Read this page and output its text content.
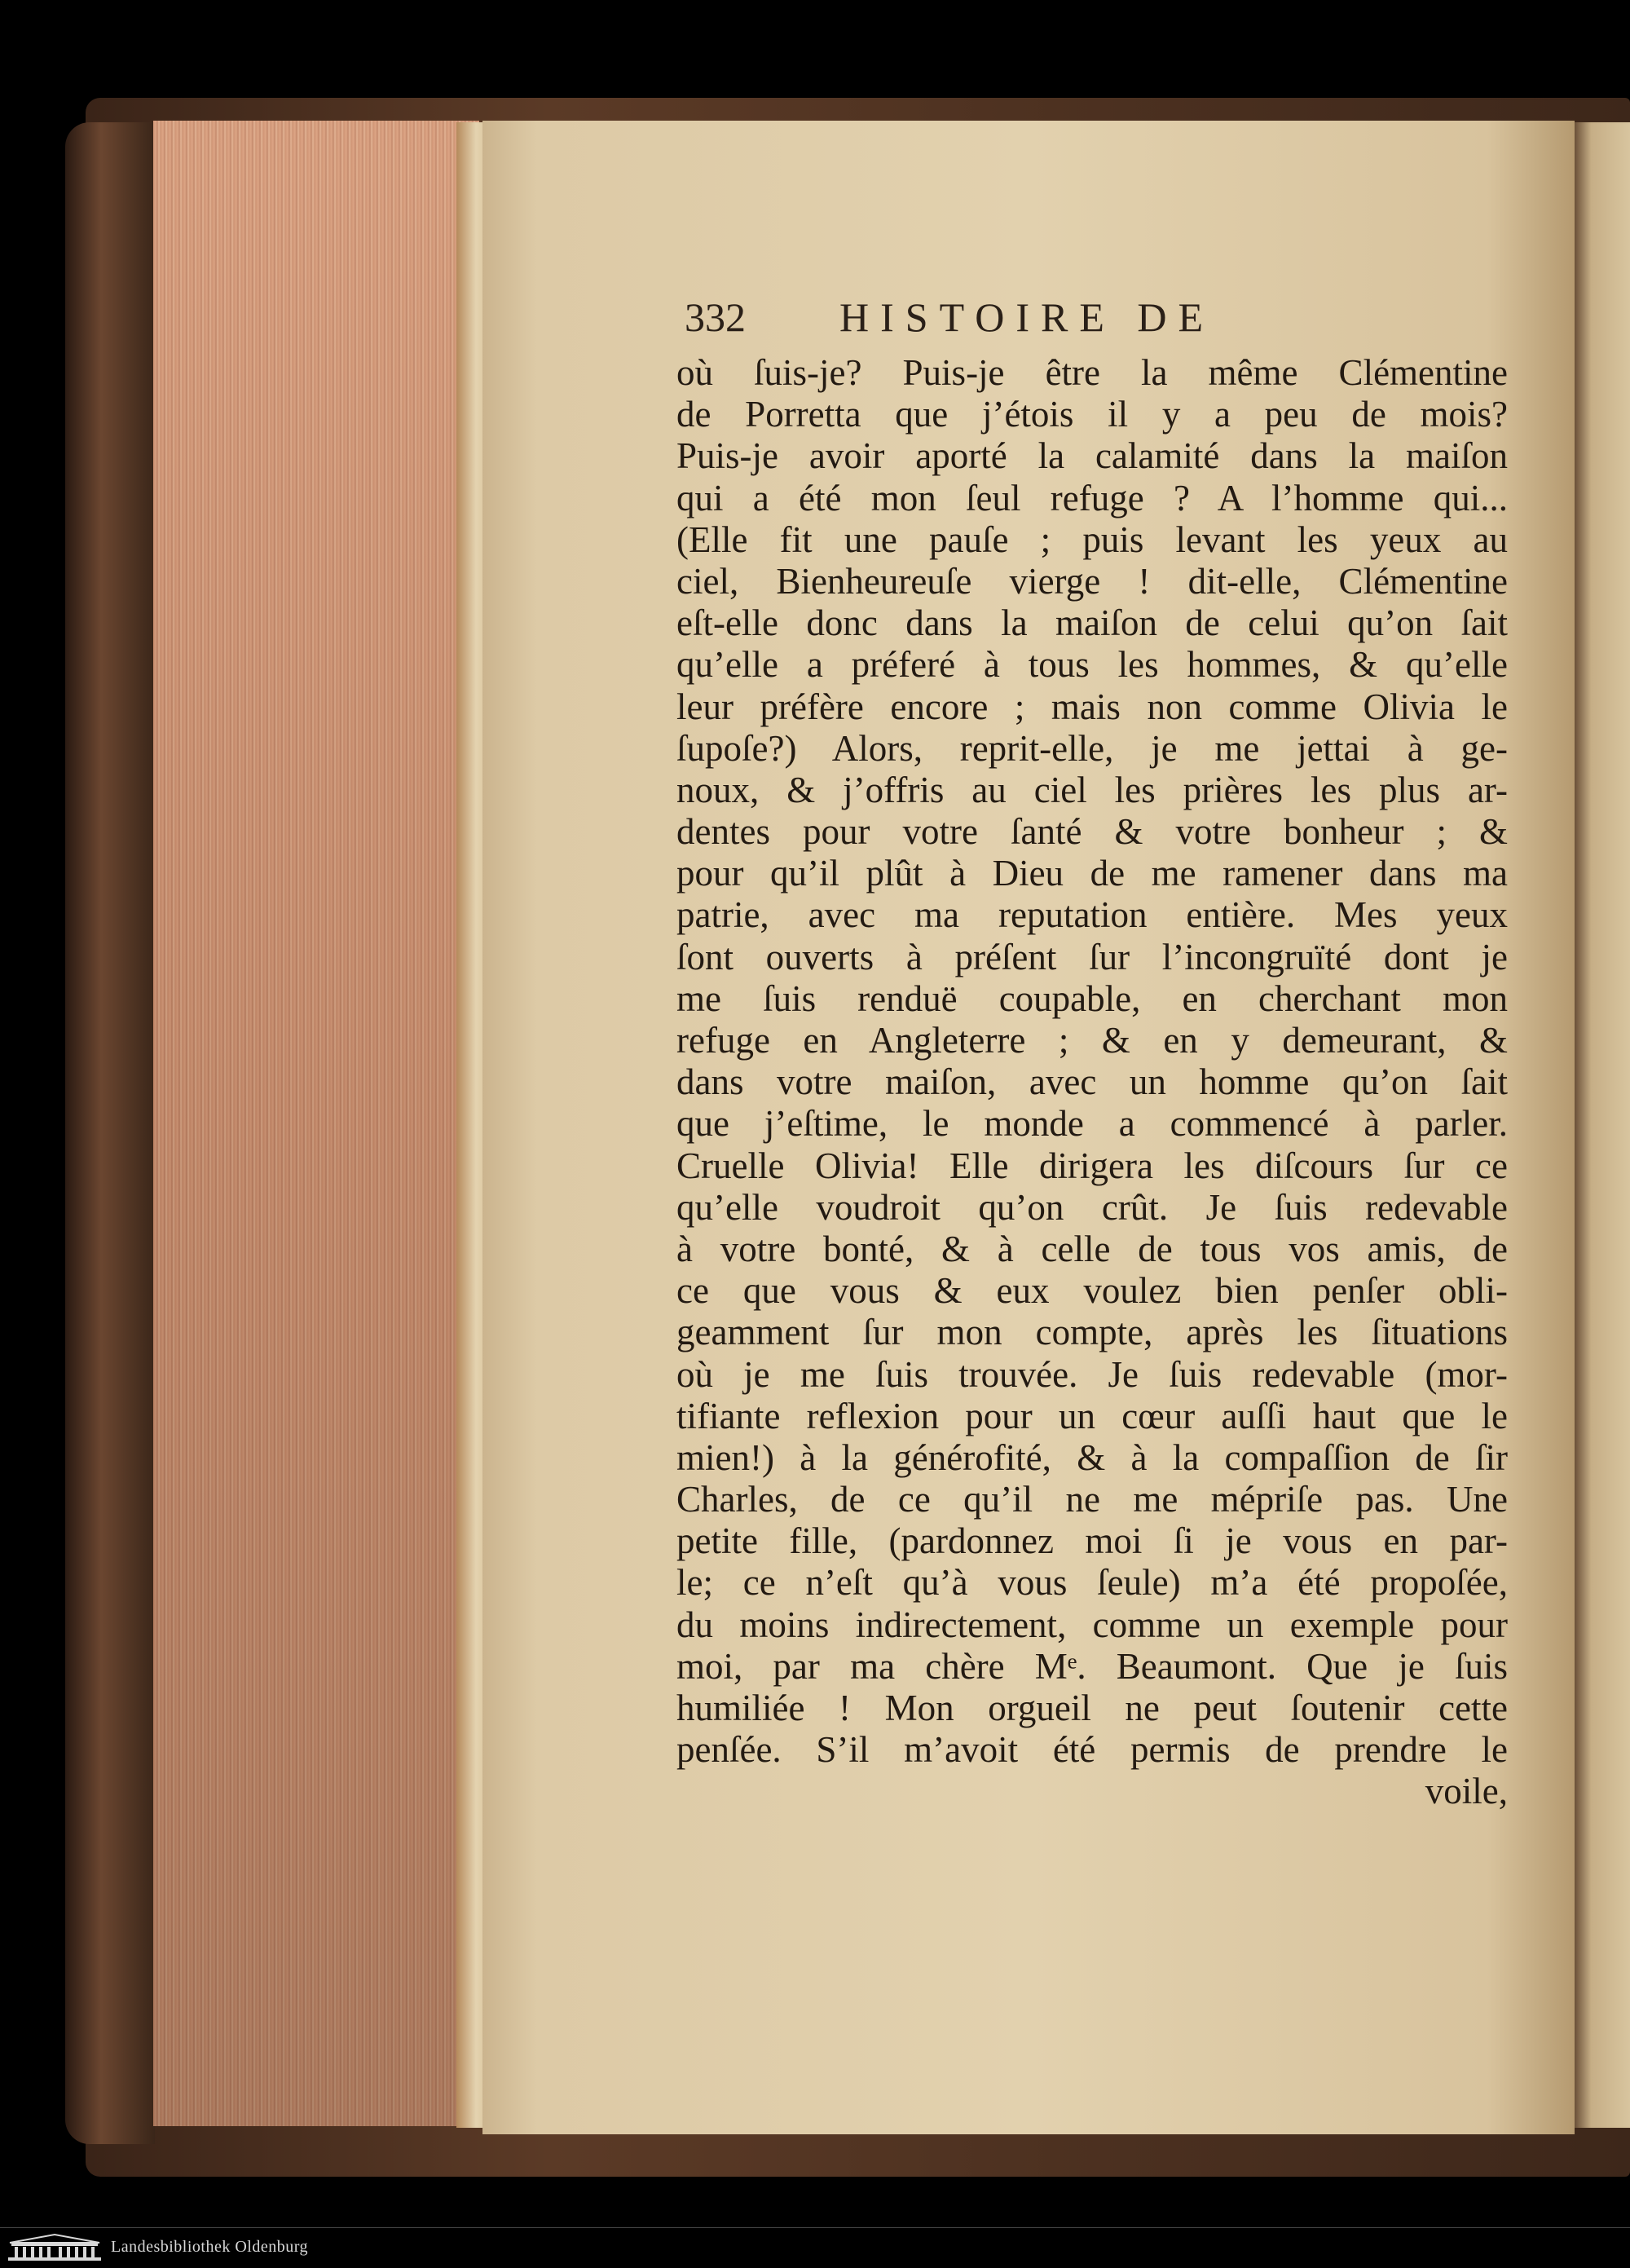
332 HISTOIRE DE
où ſuis-je? Puis-je être la même Clémentine
de Porretta que j’étois il y a peu de mois?
Puis-je avoir aporté la calamité dans la maiſon
qui a été mon ſeul refuge ? A l’homme qui...
(Elle fit une pauſe ; puis levant les yeux au
ciel, Bienheureuſe vierge ! dit-elle, Clémentine
eſt-elle donc dans la maiſon de celui qu’on ſait
qu’elle a préferé à tous les hommes, & qu’elle
leur préfère encore ; mais non comme Olivia le
ſupoſe?) Alors, reprit-elle, je me jettai à ge-
noux, & j’offris au ciel les prières les plus ar-
dentes pour votre ſanté & votre bonheur ; &
pour qu’il plût à Dieu de me ramener dans ma
patrie, avec ma reputation entière. Mes yeux
ſont ouverts à préſent ſur l’incongruïté dont je
me ſuis renduë coupable, en cherchant mon
refuge en Angleterre ; & en y demeurant, &
dans votre maiſon, avec un homme qu’on ſait
que j’eſtime, le monde a commencé à parler.
Cruelle Olivia! Elle dirigera les diſcours ſur ce
qu’elle voudroit qu’on crût. Je ſuis redevable
à votre bonté, & à celle de tous vos amis, de
ce que vous & eux voulez bien penſer obli-
geamment ſur mon compte, après les ſituations
où je me ſuis trouvée. Je ſuis redevable (mor-
tifiante reflexion pour un cœur auſſi haut que le
mien!) à la générofité, & à la compaſſion de ſir
Charles, de ce qu’il ne me mépriſe pas. Une
petite fille, (pardonnez moi ſi je vous en par-
le; ce n’eſt qu’à vous ſeule) m’a été propoſée,
du moins indirectement, comme un exemple pour
moi, par ma chère Mᵉ. Beaumont. Que je ſuis
humiliée ! Mon orgueil ne peut ſoutenir cette
penſée. S’il m’avoit été permis de prendre le
voile,
Landesbibliothek Oldenburg
